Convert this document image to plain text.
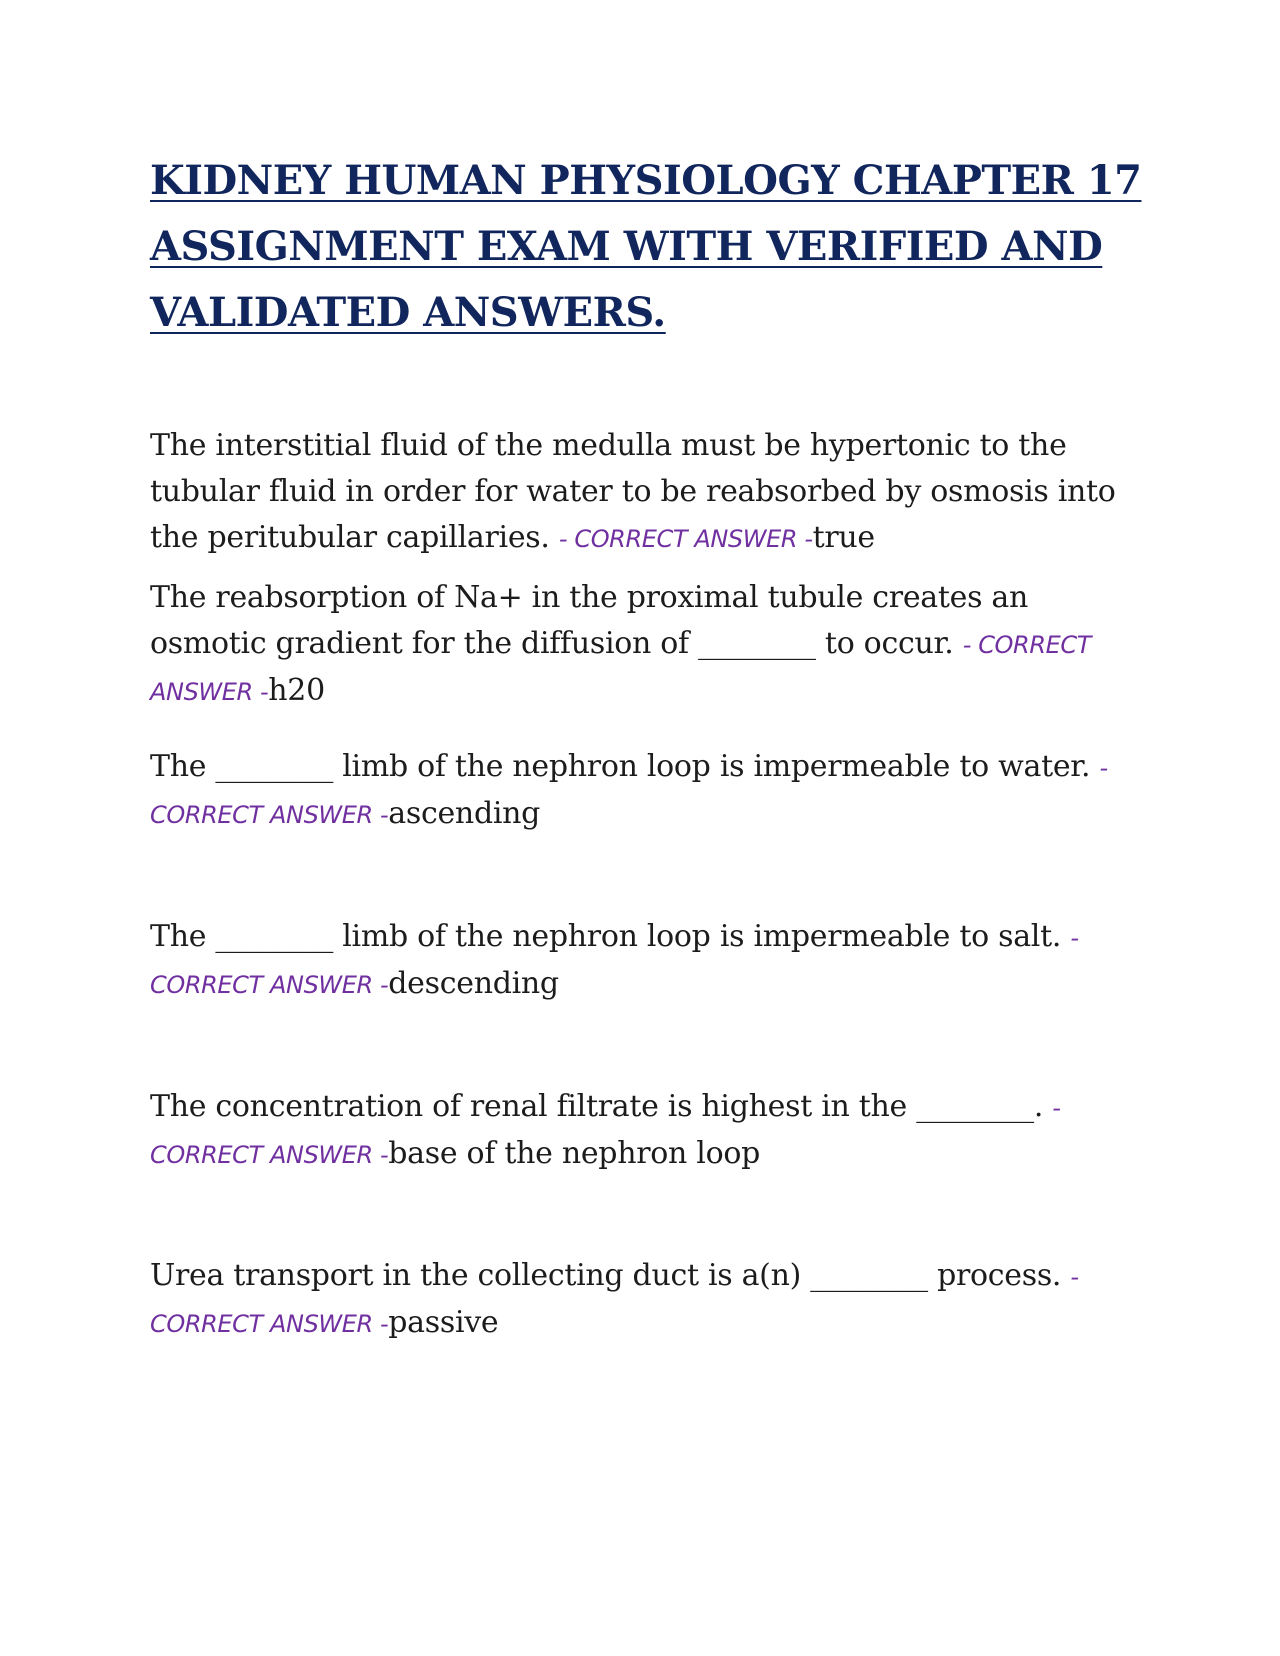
KIDNEY HUMAN PHYSIOLOGY CHAPTER 17 ASSIGNMENT EXAM WITH VERIFIED AND VALIDATED ANSWERS.

The interstitial fluid of the medulla must be hypertonic to the tubular fluid in order for water to be reabsorbed by osmosis into the peritubular capillaries. - CORRECT ANSWER -true

The reabsorption of Na+ in the proximal tubule creates an osmotic gradient for the diffusion of ________ to occur. - CORRECT ANSWER -h20

The ________ limb of the nephron loop is impermeable to water. - CORRECT ANSWER -ascending

The ________ limb of the nephron loop is impermeable to salt. - CORRECT ANSWER -descending

The concentration of renal filtrate is highest in the ________. - CORRECT ANSWER -base of the nephron loop

Urea transport in the collecting duct is a(n) ________ process. - CORRECT ANSWER -passive
